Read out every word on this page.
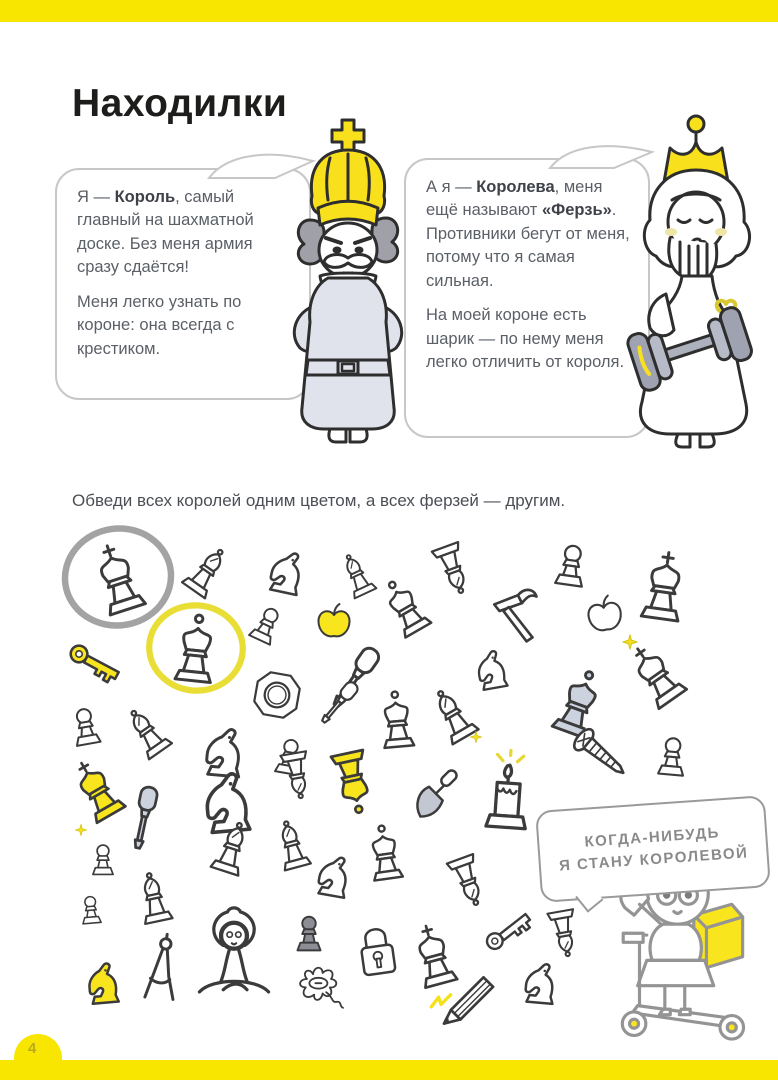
4
Находилки

Я — Король, самый главный на шахматной доске. Без меня армия сразу сдаётся!

Меня легко узнать по короне: она всегда с крестиком.

А я — Королева, меня ещё называют «Ферзь». Противники бегут от меня, потому что я самая сильная.

На моей короне есть шарик — по нему меня легко отличить от короля.

Обведи всех королей одним цветом, а всех ферзей — другим.

КОГДА-НИБУДЬ
Я СТАНУ КОРОЛЕВОЙ
